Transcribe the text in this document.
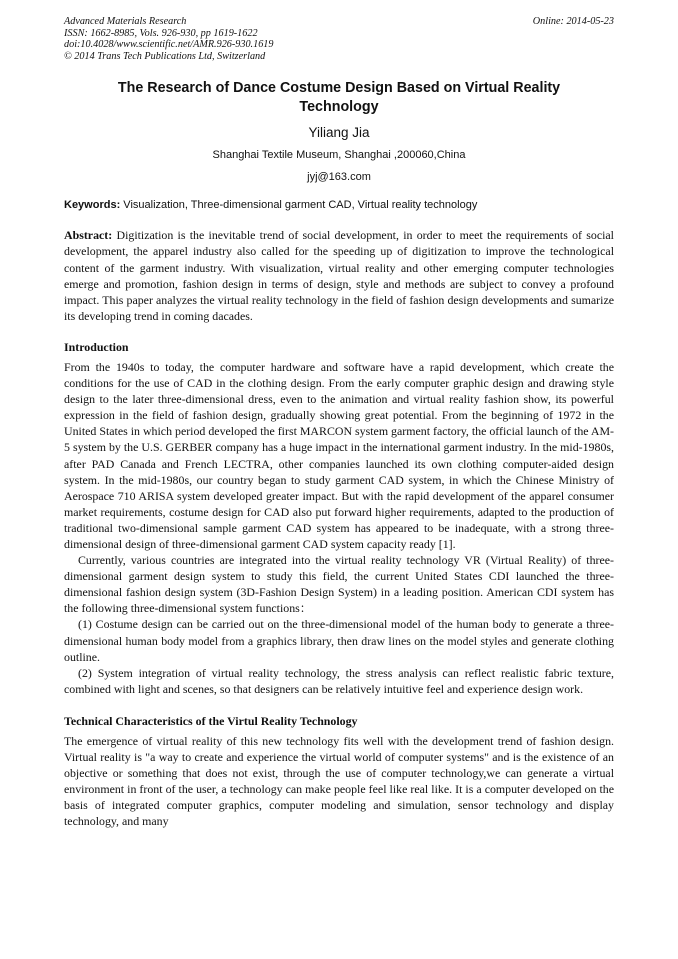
Advanced Materials Research
ISSN: 1662-8985, Vols. 926-930, pp 1619-1622
doi:10.4028/www.scientific.net/AMR.926-930.1619
© 2014 Trans Tech Publications Ltd, Switzerland
Online: 2014-05-23
The Research of Dance Costume Design Based on Virtual Reality
Technology
Yiliang Jia
Shanghai Textile Museum, Shanghai ,200060,China
jyj@163.com
Keywords: Visualization, Three-dimensional garment CAD, Virtual reality technology

Abstract: Digitization is the inevitable trend of social development, in order to meet the requirements of social development, the apparel industry also called for the speeding up of digitization to improve the technological content of the garment industry. With visualization, virtual reality and other emerging computer technologies emerge and promotion, fashion design in terms of design, style and methods are subject to convey a profound impact. This paper analyzes the virtual reality technology in the field of fashion design developments and sumarize its developing trend in coming dacades.

Introduction

From the 1940s to today, the computer hardware and software have a rapid development, which create the conditions for the use of CAD in the clothing design. From the early computer graphic design and drawing style design to the later three-dimensional dress, even to the animation and virtual reality fashion show, its powerful expression in the field of fashion design, gradually showing great potential. From the beginning of 1972 in the United States in which period developed the first MARCON system garment factory, the official launch of the AM-5 system by the U.S. GERBER company has a huge impact in the international garment industry. In the mid-1980s, after PAD Canada and French LECTRA, other companies launched its own clothing computer-aided design system. In the mid-1980s, our country began to study garment CAD system, in which the Chinese Ministry of Aerospace 710 ARISA system developed greater impact. But with the rapid development of the apparel consumer market requirements, costume design for CAD also put forward higher requirements, adapted to the production of traditional two-dimensional sample garment CAD system has appeared to be inadequate, with a strong three-dimensional design of three-dimensional garment CAD system capacity ready [1].

Currently, various countries are integrated into the virtual reality technology VR (Virtual Reality) of three-dimensional garment design system to study this field, the current United States CDI launched the three-dimensional fashion design system (3D-Fashion Design System) in a leading position. American CDI system has the following three-dimensional system functions：

(1) Costume design can be carried out on the three-dimensional model of the human body to generate a three-dimensional human body model from a graphics library, then draw lines on the model styles and generate clothing outline.

(2) System integration of virtual reality technology, the stress analysis can reflect realistic fabric texture, combined with light and scenes, so that designers can be relatively intuitive feel and experience design work.

Technical Characteristics of the Virtul Reality Technology

The emergence of virtual reality of this new technology fits well with the development trend of fashion design. Virtual reality is "a way to create and experience the virtual world of computer systems" and is the existence of an objective or something that does not exist, through the use of computer technology,we can generate a virtual environment in front of the user, a technology can make people feel like real like. It is a computer developed on the basis of integrated computer graphics, computer modeling and simulation, sensor technology and display technology, and many
